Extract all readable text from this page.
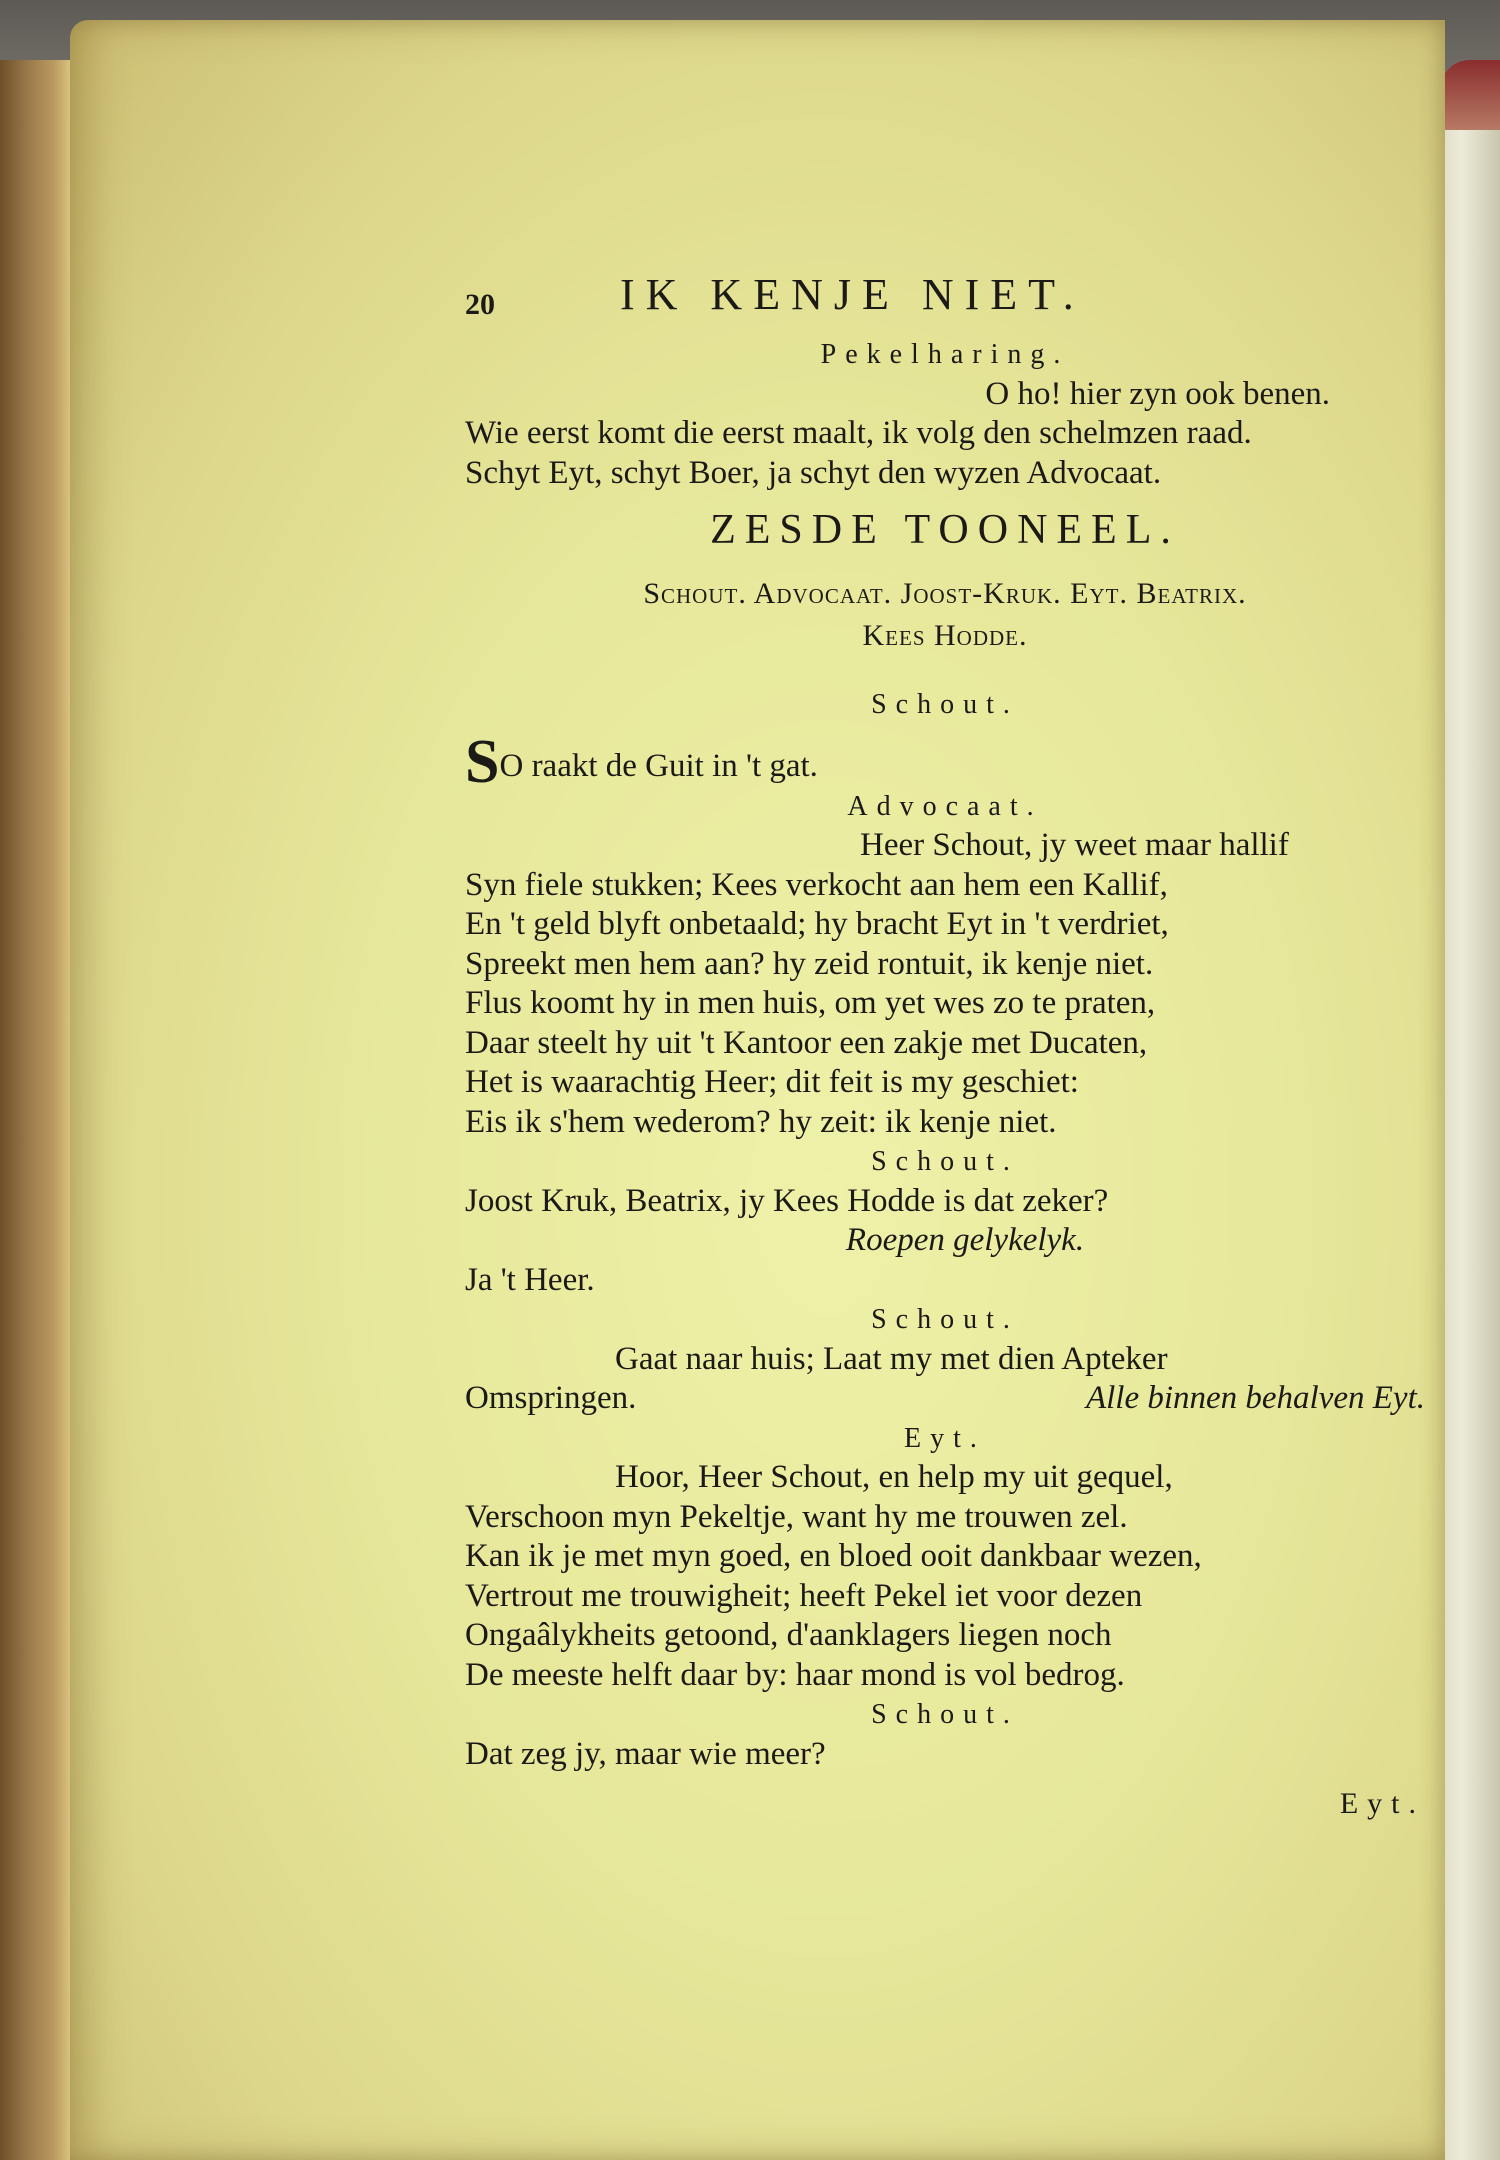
20	IK KENJE NIET.

Pekelharing.

O ho! hier zyn ook benen.

Wie eerst komt die eerst maalt, ik volg den schelmzen raad.

Schyt Eyt, schyt Boer, ja schyt den wyzen Advocaat.

ZESDE TOONEEL.

Schout. Advocaat. Joost-Kruk. Eyt. Beatrix.

Kees Hodde.

Schout.

SO raakt de Guit in 't gat.

Advocaat.

Heer Schout, jy weet maar hallif

Syn fiele stukken; Kees verkocht aan hem een Kallif,

En 't geld blyft onbetaald; hy bracht Eyt in 't verdriet,

Spreekt men hem aan? hy zeid rontuit, ik kenje niet.

Flus koomt hy in men huis, om yet wes zo te praten,

Daar steelt hy uit 't Kantoor een zakje met Ducaten,

Het is waarachtig Heer; dit feit is my geschiet:

Eis ik s'hem wederom? hy zeit: ik kenje niet.

Schout.

Joost Kruk, Beatrix, jy Kees Hodde is dat zeker?

Roepen gelykelyk.

Ja 't Heer.

Schout.

Gaat naar huis; Laat my met dien Apteker

Omspringen.	Alle binnen behalven Eyt.

Eyt.

Hoor, Heer Schout, en help my uit gequel,

Verschoon myn Pekeltje, want hy me trouwen zel.

Kan ik je met myn goed, en bloed ooit dankbaar wezen,

Vertrout me trouwigheit; heeft Pekel iet voor dezen

Ongaâlykheits getoond, d'aanklagers liegen noch

De meeste helft daar by: haar mond is vol bedrog.

Schout.

Dat zeg jy, maar wie meer?

Eyt.
